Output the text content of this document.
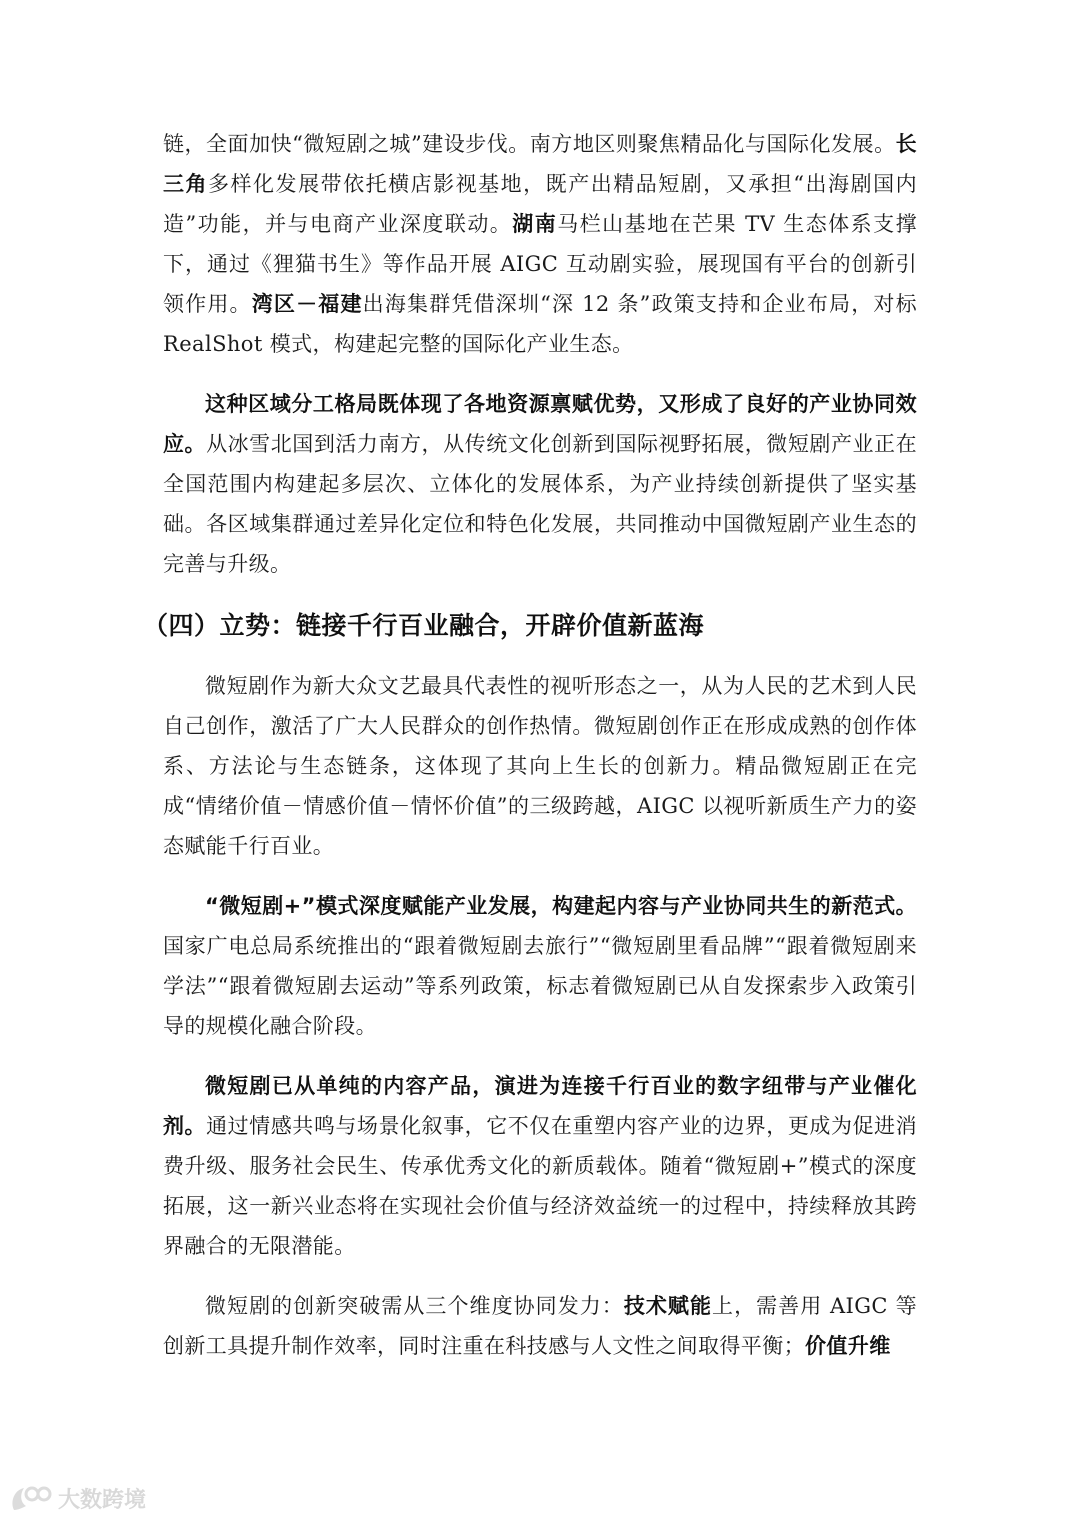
链，全面加快“微短剧之城”建设步伐。南方地区则聚焦精品化与国际化发展。长三角多样化发展带依托横店影视基地，既产出精品短剧，又承担“出海剧国内造”功能，并与电商产业深度联动。湖南马栏山基地在芒果 TV 生态体系支撑下，通过《狸猫书生》等作品开展 AIGC 互动剧实验，展现国有平台的创新引领作用。湾区－福建出海集群凭借深圳“深 12 条”政策支持和企业布局，对标 RealShot 模式，构建起完整的国际化产业生态。

这种区域分工格局既体现了各地资源禀赋优势，又形成了良好的产业协同效应。从冰雪北国到活力南方，从传统文化创新到国际视野拓展，微短剧产业正在全国范围内构建起多层次、立体化的发展体系，为产业持续创新提供了坚实基础。各区域集群通过差异化定位和特色化发展，共同推动中国微短剧产业生态的完善与升级。

（四）立势：链接千行百业融合，开辟价值新蓝海

微短剧作为新大众文艺最具代表性的视听形态之一，从为人民的艺术到人民自己创作，激活了广大人民群众的创作热情。微短剧创作正在形成成熟的创作体系、方法论与生态链条，这体现了其向上生长的创新力。精品微短剧正在完成“情绪价值－情感价值－情怀价值”的三级跨越，AIGC 以视听新质生产力的姿态赋能千行百业。

“微短剧+”模式深度赋能产业发展，构建起内容与产业协同共生的新范式。国家广电总局系统推出的“跟着微短剧去旅行”“微短剧里看品牌”“跟着微短剧来学法”“跟着微短剧去运动”等系列政策，标志着微短剧已从自发探索步入政策引导的规模化融合阶段。

微短剧已从单纯的内容产品，演进为连接千行百业的数字纽带与产业催化剂。通过情感共鸣与场景化叙事，它不仅在重塑内容产业的边界，更成为促进消费升级、服务社会民生、传承优秀文化的新质载体。随着“微短剧+”模式的深度拓展，这一新兴业态将在实现社会价值与经济效益统一的过程中，持续释放其跨界融合的无限潜能。

微短剧的创新突破需从三个维度协同发力：技术赋能上，需善用 AIGC 等创新工具提升制作效率，同时注重在科技感与人文性之间取得平衡；价值升维

大数跨境
